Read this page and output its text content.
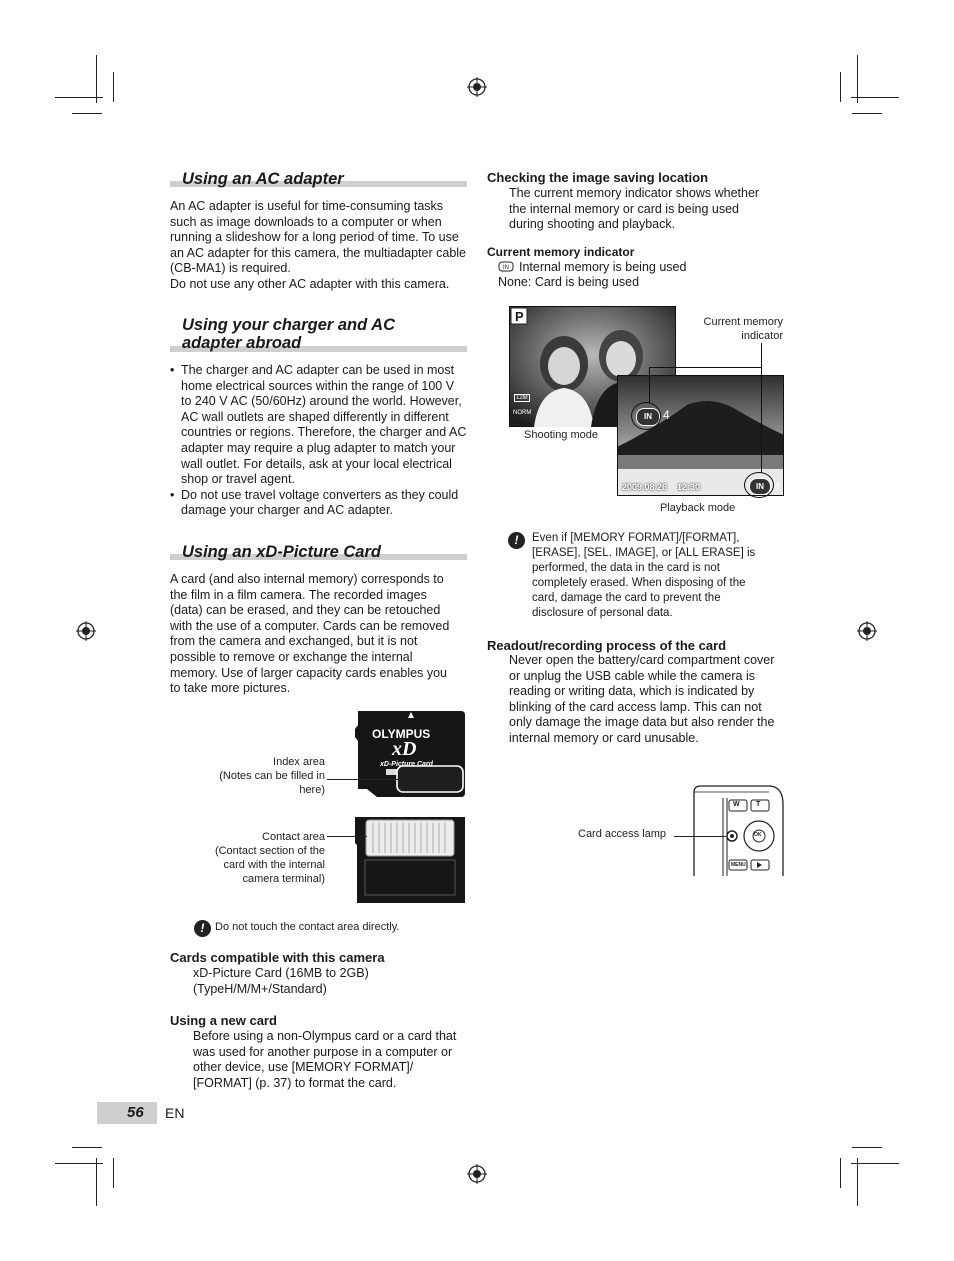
Using an AC adapter
An AC adapter is useful for time-consuming tasks such as image downloads to a computer or when running a slideshow for a long period of time. To use an AC adapter for this camera, the multiadapter cable (CB-MA1) is required.
Do not use any other AC adapter with this camera.
Using your charger and AC
adapter abroad
• The charger and AC adapter can be used in most home electrical sources within the range of 100 V to 240 V AC (50/60Hz) around the world. However, AC wall outlets are shaped differently in different countries or regions. Therefore, the charger and AC adapter may require a plug adapter to match your wall outlet. For details, ask at your local electrical shop or travel agent.
• Do not use travel voltage converters as they could damage your charger and AC adapter.
Using an xD-Picture Card
A card (and also internal memory) corresponds to the film in a film camera. The recorded images (data) can be erased, and they can be retouched with the use of a computer. Cards can be removed from the camera and exchanged, but it is not possible to remove or exchange the internal memory. Use of larger capacity cards enables you to take more pictures.
OLYMPUS
xD
xD-Picture Card
Index area
(Notes can be filled in
here)
Contact area
(Contact section of the
card with the internal
camera terminal)
! Do not touch the contact area directly.
Cards compatible with this camera
xD-Picture Card (16MB to 2GB)
(TypeH/M/M+/Standard)
Using a new card
Before using a non-Olympus card or a card that was used for another purpose in a computer or other device, use [MEMORY FORMAT]/ [FORMAT] (p. 37) to format the card.
56 EN
Checking the image saving location
The current memory indicator shows whether the internal memory or card is being used during shooting and playback.
Current memory indicator
IN Internal memory is being used
None: Card is being used
P
12M
NORM
2009.08.26 12:30	3
IN 4
IN
Current memory
indicator
Shooting mode
Playback mode
!	Even if [MEMORY FORMAT]/[FORMAT], [ERASE], [SEL. IMAGE], or [ALL ERASE] is performed, the data in the card is not completely erased. When disposing of the card, damage the card to prevent the disclosure of personal data.
Readout/recording process of the card
Never open the battery/card compartment cover or unplug the USB cable while the camera is reading or writing data, which is indicated by blinking of the card access lamp. This can not only damage the image data but also render the internal memory or card unusable.
W T
OK
MENU
Card access lamp
